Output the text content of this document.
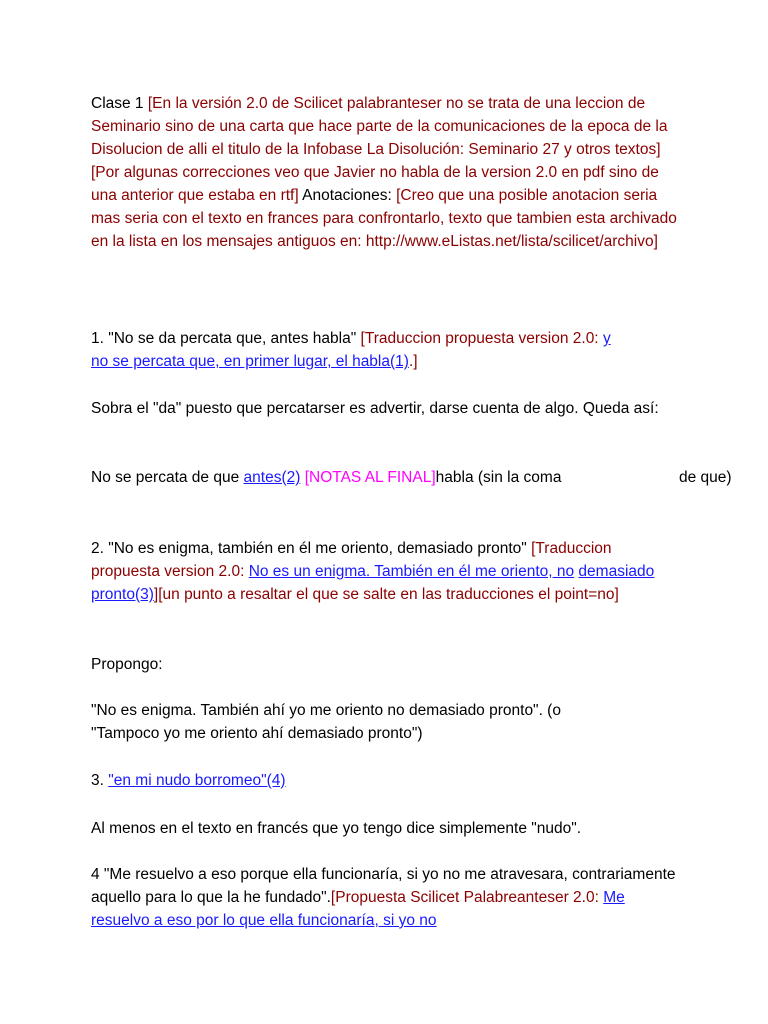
Clase 1 [En la versión 2.0 de Scilicet palabranteser no se trata de una leccion de Seminario sino de una carta que hace parte de la comunicaciones de la epoca de la Disolucion de alli el titulo de la Infobase La Disolución: Seminario 27 y otros textos] [Por algunas correcciones veo que Javier no habla de la version 2.0 en pdf sino de una anterior que estaba en rtf] Anotaciones: [Creo que una posible anotacion seria mas seria con el texto en frances para confrontarlo, texto que tambien esta archivado en la lista en los mensajes antiguos en: http://www.eListas.net/lista/scilicet/archivo]
1. "No se da percata que, antes habla" [Traduccion propuesta version 2.0: y no se percata que, en primer lugar, el habla(1).]
Sobra el "da" puesto que percatarser es advertir, darse cuenta de algo. Queda así:
No se percata de que antes(2) [NOTAS AL FINAL]habla (sin la coma	de que)
2. "No es enigma, también en él me oriento, demasiado pronto" [Traduccion propuesta version 2.0: No es un enigma. También en él me oriento, no demasiado pronto(3)][un punto a resaltar el que se salte en las traducciones el point=no]
Propongo:
"No es enigma. También ahí yo me oriento no demasiado pronto". (o "Tampoco yo me oriento ahí demasiado pronto")
3. "en mi nudo borromeo"(4)
Al menos en el texto en francés que yo tengo dice simplemente "nudo".
4 "Me resuelvo a eso porque ella funcionaría, si yo no me atravesara, contrariamente aquello para lo que la he fundado".[Propuesta Scilicet Palabreanteser 2.0: Me resuelvo a eso por lo que ella funcionaría, si yo no
